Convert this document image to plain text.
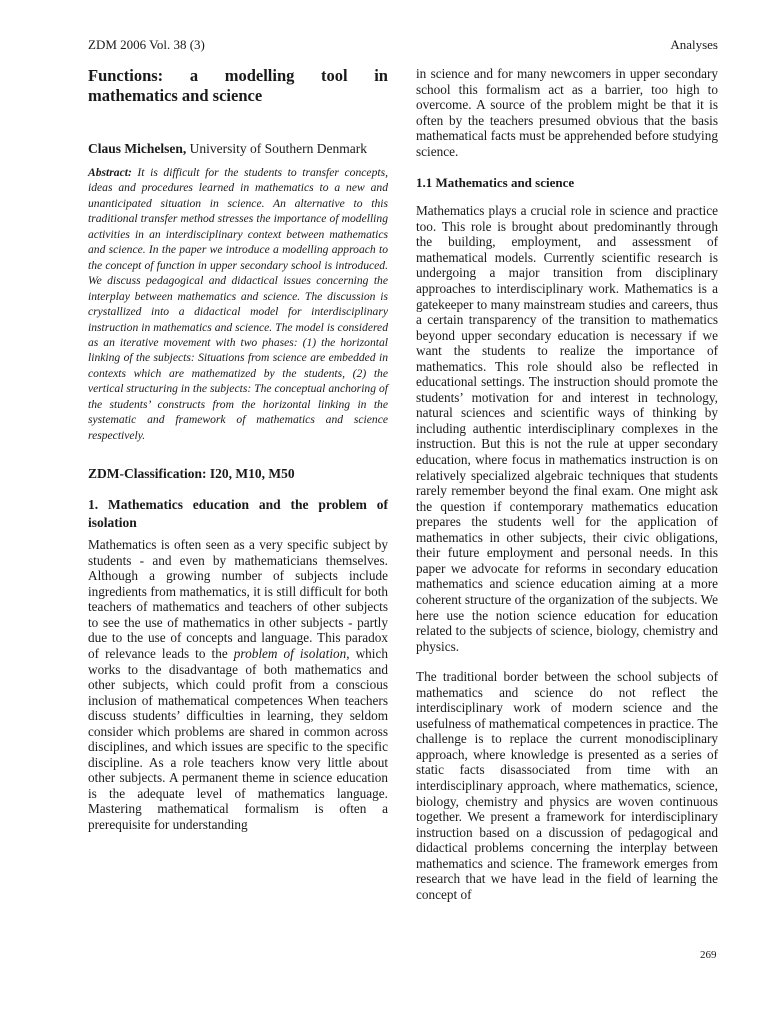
ZDM 2006 Vol. 38 (3)	Analyses

Functions: a modelling tool in

mathematics and science

Claus Michelsen, University of Southern Denmark

Abstract: It is difficult for the students to transfer concepts, ideas and procedures learned in mathematics to a new and unanticipated situation in science. An alternative to this traditional transfer method stresses the importance of modelling activities in an interdisciplinary context between mathematics and science. In the paper we introduce a modelling approach to the concept of function in upper secondary school is introduced. We discuss pedagogical and didactical issues concerning the interplay between mathematics and science. The discussion is crystallized into a didactical model for interdisciplinary instruction in mathematics and science. The model is considered as an iterative movement with two phases: (1) the horizontal linking of the subjects: Situations from science are embedded in contexts which are mathematized by the students, (2) the vertical structuring in the subjects: The conceptual anchoring of the students’ constructs from the horizontal linking in the systematic and framework of mathematics and science respectively.

ZDM-Classification: I20, M10, M50

1. Mathematics education and the problem of isolation

Mathematics is often seen as a very specific subject by students - and even by mathematicians themselves. Although a growing number of subjects include ingredients from mathematics, it is still difficult for both teachers of mathematics and teachers of other subjects to see the use of mathematics in other subjects - partly due to the use of concepts and language. This paradox of relevance leads to the problem of isolation, which works to the disadvantage of both mathematics and other subjects, which could profit from a conscious inclusion of mathematical competences When teachers discuss students’ difficulties in learning, they seldom consider which problems are shared in common across disciplines, and which issues are specific to the specific discipline. As a role teachers know very little about other subjects. A permanent theme in science education is the adequate level of mathematics language. Mastering mathematical formalism is often a prerequisite for understanding

in science and for many newcomers in upper secondary school this formalism act as a barrier, too high to overcome. A source of the problem might be that it is often by the teachers presumed obvious that the basis mathematical facts must be apprehended before studying science.

1.1 Mathematics and science

Mathematics plays a crucial role in science and practice too. This role is brought about predominantly through the building, employment, and assessment of mathematical models. Currently scientific research is undergoing a major transition from disciplinary approaches to interdisciplinary work. Mathematics is a gatekeeper to many mainstream studies and careers, thus a certain transparency of the transition to mathematics beyond upper secondary education is necessary if we want the students to realize the importance of mathematics. This role should also be reflected in educational settings. The instruction should promote the students’ motivation for and interest in technology, natural sciences and scientific ways of thinking by including authentic interdisciplinary complexes in the instruction. But this is not the rule at upper secondary education, where focus in mathematics instruction is on relatively specialized algebraic techniques that students rarely remember beyond the final exam. One might ask the question if contemporary mathematics education prepares the students well for the application of mathematics in other subjects, their civic obligations, their future employment and personal needs. In this paper we advocate for reforms in secondary education mathematics and science education aiming at a more coherent structure of the organization of the subjects. We here use the notion science education for education related to the subjects of science, biology, chemistry and physics.

The traditional border between the school subjects of mathematics and science do not reflect the interdisciplinary work of modern science and the usefulness of mathematical competences in practice. The challenge is to replace the current monodisciplinary approach, where knowledge is presented as a series of static facts disassociated from time with an interdisciplinary approach, where mathematics, science, biology, chemistry and physics are woven continuous together. We present a framework for interdisciplinary instruction based on a discussion of pedagogical and didactical problems concerning the interplay between mathematics and science. The framework emerges from research that we have lead in the field of learning the concept of

269
